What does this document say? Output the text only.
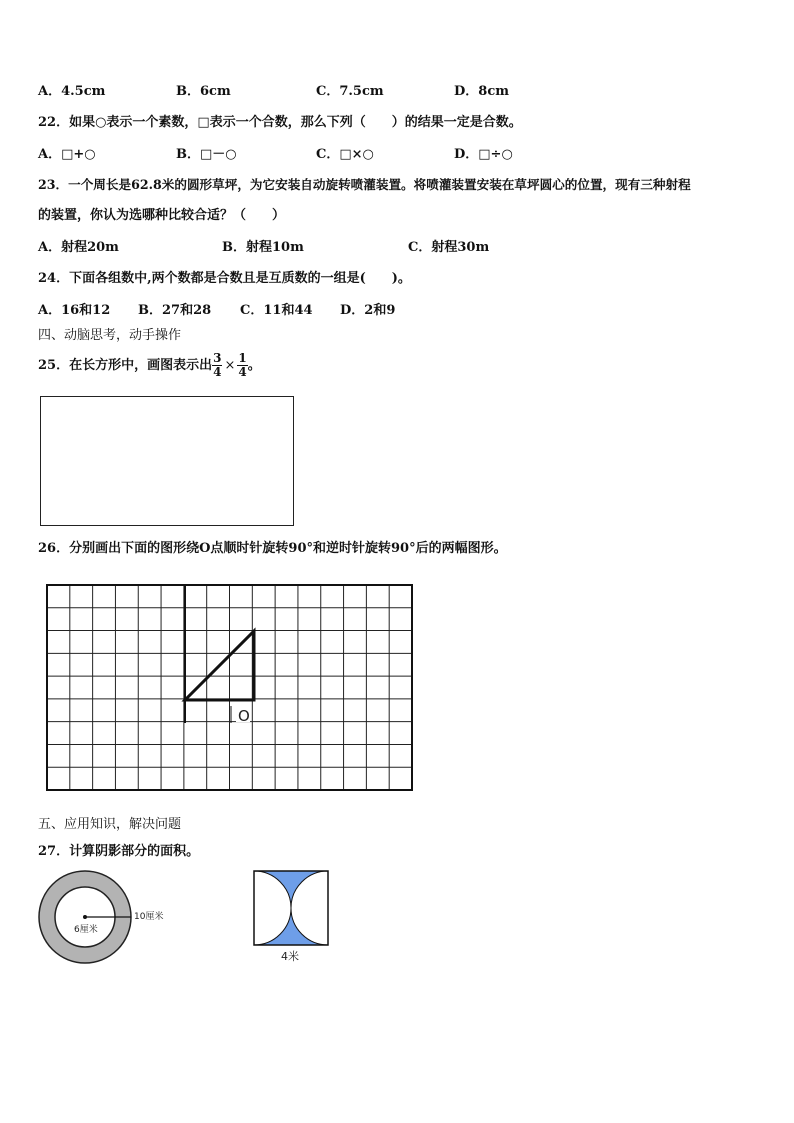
A．4.5cm	B．6cm	C．7.5cm	D．8cm
22．如果○表示一个素数，□表示一个合数，那么下列（　　）的结果一定是合数。
A．□+○	B．□－○	C．□×○	D．□÷○
23．一个周长是62.8米的圆形草坪，为它安装自动旋转喷灌装置。将喷灌装置安装在草坪圆心的位置，现有三种射程
的装置，你认为选哪种比较合适？（　　）
A．射程20m	B．射程10m	C．射程30m
24．下面各组数中,两个数都是合数且是互质数的一组是(　　)。
A．16和12 B．27和28 C．11和44 D．2和9
四、动脑思考，动手操作
25．在长方形中，画图表示出 $\frac{3}{4} \times \frac{1}{4}$ 。
26．分别画出下面的图形绕O点顺时针旋转90°和逆时针旋转90°后的两幅图形。
O
五、应用知识，解决问题
27．计算阴影部分的面积。
10厘米
6厘米
4米
